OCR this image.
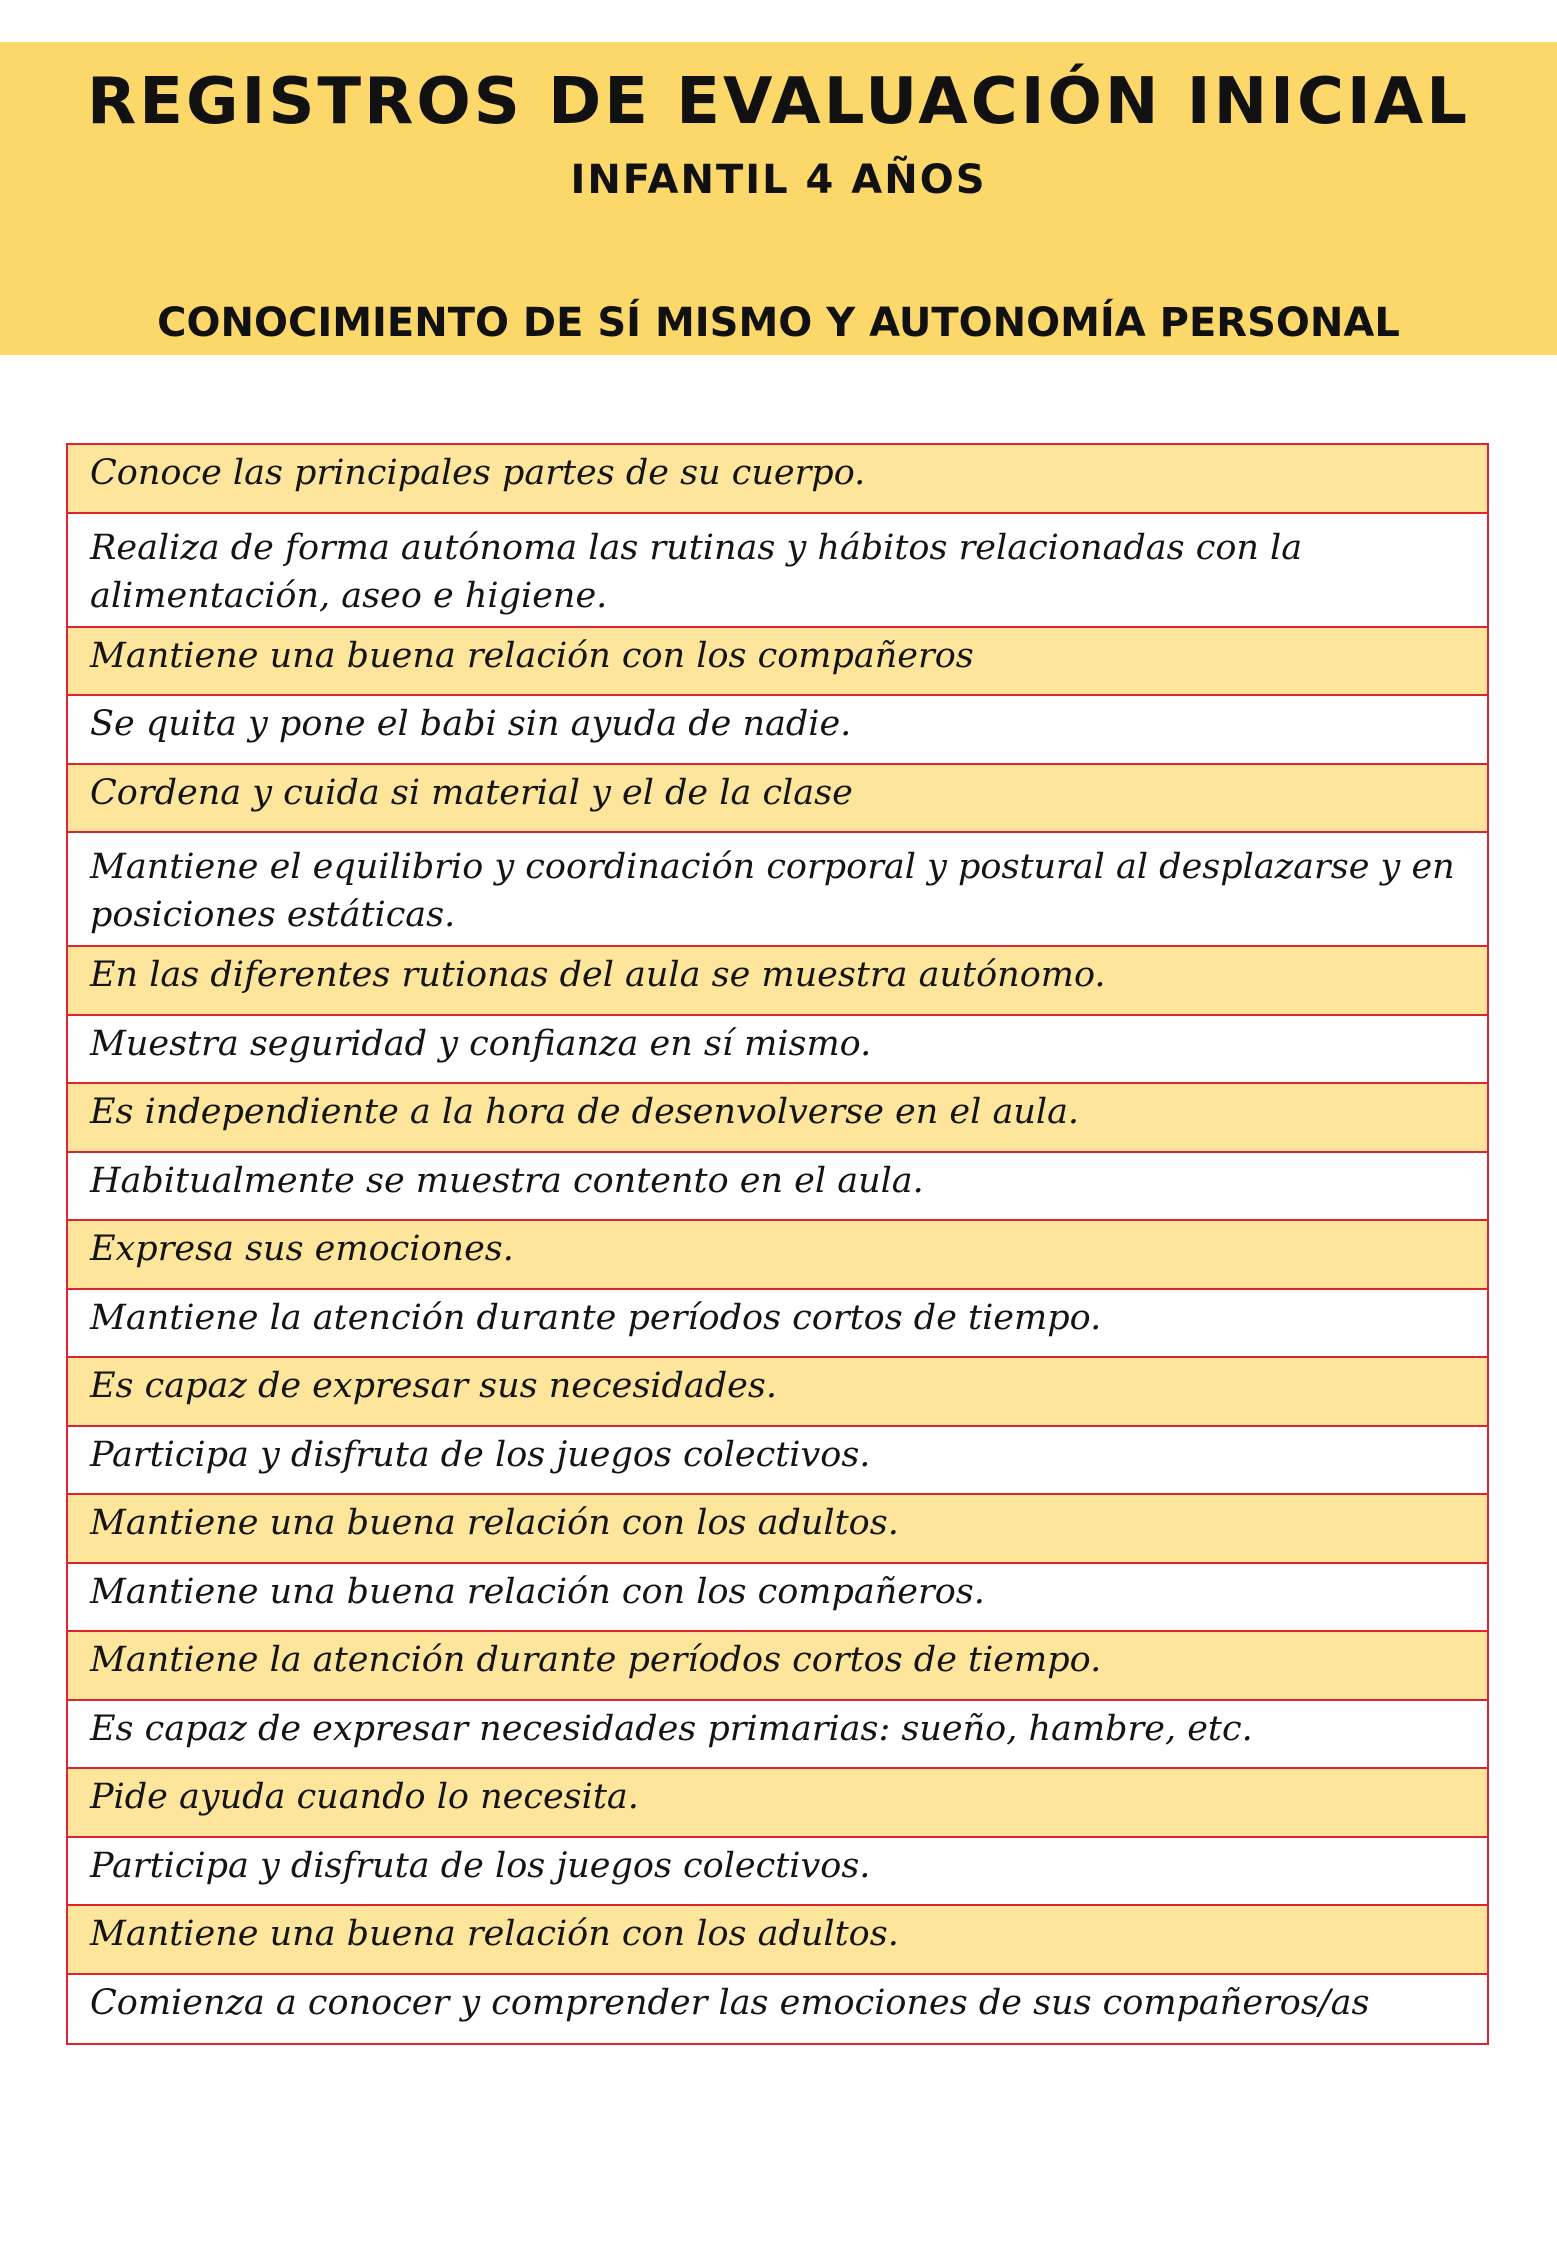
REGISTROS DE EVALUACIÓN INICIAL
INFANTIL 4 AÑOS
CONOCIMIENTO DE SÍ MISMO Y AUTONOMÍA PERSONAL
Conoce las principales partes de su cuerpo.
Realiza de forma autónoma las rutinas y hábitos relacionadas con la alimentación, aseo e higiene.
Mantiene una buena relación con los compañeros
Se quita y pone el babi sin ayuda de nadie.
Cordena y cuida si material y el de la clase
Mantiene el equilibrio y coordinación corporal y postural al desplazarse y en posiciones estáticas.
En las diferentes rutionas del aula se muestra autónomo.
Muestra seguridad y confianza en sí mismo.
Es independiente a la hora de desenvolverse en el aula.
Habitualmente se muestra contento en el aula.
Expresa sus emociones.
Mantiene la atención durante períodos cortos de tiempo.
Es capaz de expresar sus necesidades.
Participa y disfruta de los juegos colectivos.
Mantiene una buena relación con los adultos.
Mantiene una buena relación con los compañeros.
Mantiene la atención durante períodos cortos de tiempo.
Es capaz de expresar necesidades primarias: sueño, hambre, etc.
Pide ayuda cuando lo necesita.
Participa y disfruta de los juegos colectivos.
Mantiene una buena relación con los adultos.
Comienza a conocer y comprender las emociones de sus compañeros/as
